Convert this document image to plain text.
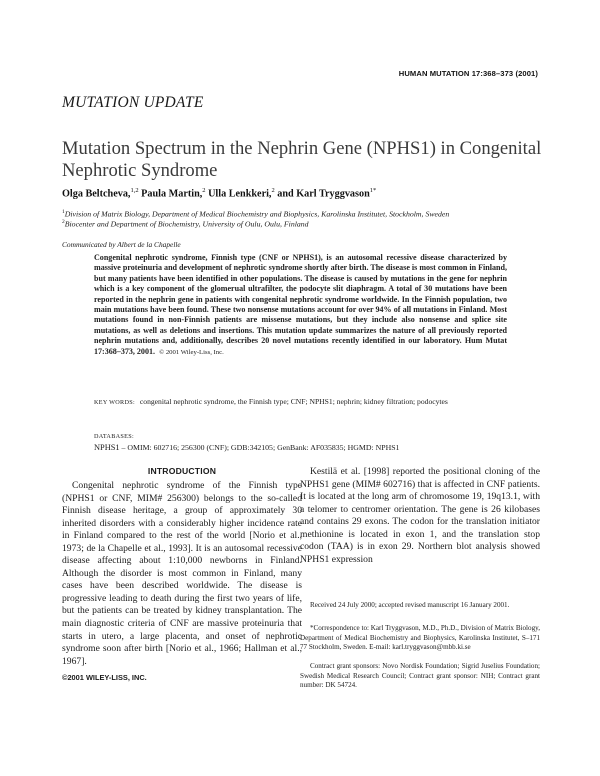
HUMAN MUTATION 17:368–373 (2001)
MUTATION UPDATE
Mutation Spectrum in the Nephrin Gene (NPHS1) in Congenital Nephrotic Syndrome
Olga Beltcheva,$^{1,2}$ Paula Martin,$^2$ Ulla Lenkkeri,$^2$ and Karl Tryggvason$^{1*}$
$^1$Division of Matrix Biology, Department of Medical Biochemistry and Biophysics, Karolinska Institutet, Stockholm, Sweden
$^2$Biocenter and Department of Biochemistry, University of Oulu, Oulu, Finland
Communicated by Albert de la Chapelle

Congenital nephrotic syndrome, Finnish type (CNF or NPHS1), is an autosomal recessive disease characterized by massive proteinuria and development of nephrotic syndrome shortly after birth. The disease is most common in Finland, but many patients have been identified in other populations. The disease is caused by mutations in the gene for nephrin which is a key component of the glomerual ultrafilter, the podocyte slit diaphragm. A total of 30 mutations have been reported in the nephrin gene in patients with congenital nephrotic syndrome worldwide. In the Finnish population, two main mutations have been found. These two nonsense mutations account for over 94% of all mutations in Finland. Most mutations found in non-Finnish patients are missense mutations, but they include also nonsense and splice site mutations, as well as deletions and insertions. This mutation update summarizes the nature of all previously reported nephrin mutations and, additionally, describes 20 novel mutations recently identified in our laboratory. Hum Mutat 17:368–373, 2001. © 2001 Wiley-Liss, Inc.

KEY WORDS: congenital nephrotic syndrome, the Finnish type; CNF; NPHS1; nephrin; kidney filtration; podocytes
DATABASES:
NPHS1 – OMIM: 602716; 256300 (CNF); GDB:342105; GenBank: AF035835; HGMD: NPHS1
INTRODUCTION

Congenital nephrotic syndrome of the Finnish type (NPHS1 or CNF, MIM# 256300) belongs to the so-called Finnish disease heritage, a group of approximately 30 inherited disorders with a considerably higher incidence rate in Finland compared to the rest of the world [Norio et al., 1973; de la Chapelle et al., 1993]. It is an autosomal recessive disease affecting about 1:10,000 newborns in Finland. Although the disorder is most common in Finland, many cases have been described worldwide. The disease is progressive leading to death during the first two years of life, but the patients can be treated by kidney transplantation. The main diagnostic criteria of CNF are massive proteinuria that starts in utero, a large placenta, and onset of nephrotic syndrome soon after birth [Norio et al., 1966; Hallman et al., 1967].

Kestilä et al. [1998] reported the positional cloning of the NPHS1 gene (MIM# 602716) that is affected in CNF patients. It is located at the long arm of chromosome 19, 19q13.1, with a telomer to centromer orientation. The gene is 26 kilobases and contains 29 exons. The codon for the translation initiator methionine is located in exon 1, and the translation stop codon (TAA) is in exon 29. Northern blot analysis showed NPHS1 expression

Received 24 July 2000; accepted revised manuscript 16 January 2001.

*Correspondence to: Karl Tryggvason, M.D., Ph.D., Division of Matrix Biology, Department of Medical Biochemistry and Biophysics, Karolinska Institutet, S–171 77 Stockholm, Sweden. E-mail: karl.tryggvason@mbb.ki.se

Contract grant sponsors: Novo Nordisk Foundation; Sigrid Juselius Foundation; Swedish Medical Research Council; Contract grant sponsor: NIH; Contract grant number: DK 54724.

©2001 WILEY-LISS, INC.
